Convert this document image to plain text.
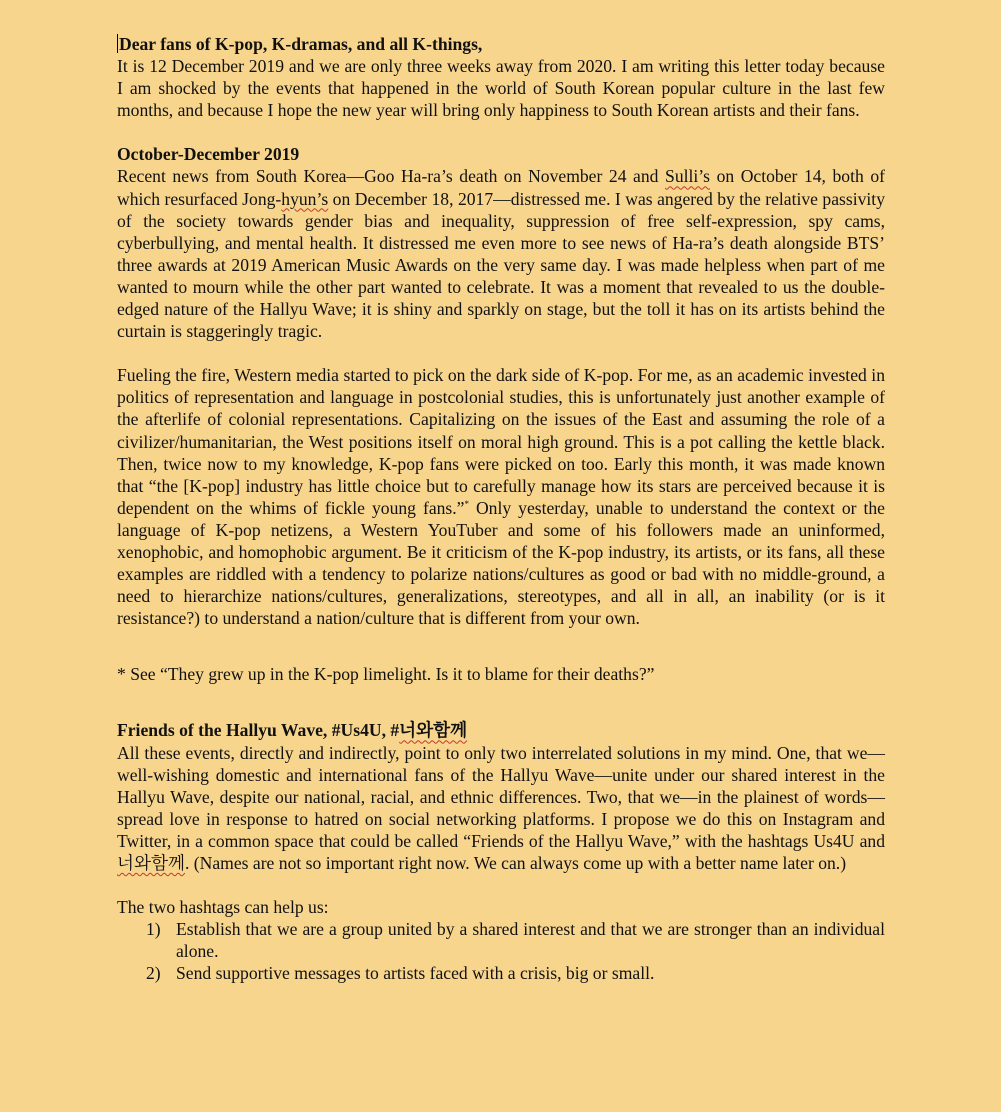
Dear fans of K-pop, K-dramas, and all K-things,

It is 12 December 2019 and we are only three weeks away from 2020. I am writing this letter today because I am shocked by the events that happened in the world of South Korean popular culture in the last few months, and because I hope the new year will bring only happiness to South Korean artists and their fans.

October-December 2019

Recent news from South Korea—Goo Ha-ra’s death on November 24 and Sulli’s on October 14, both of which resurfaced Jong-hyun’s on December 18, 2017—distressed me. I was angered by the relative passivity of the society towards gender bias and inequality, suppression of free self-expression, spy cams, cyberbullying, and mental health. It distressed me even more to see news of Ha-ra’s death alongside BTS’ three awards at 2019 American Music Awards on the very same day. I was made helpless when part of me wanted to mourn while the other part wanted to celebrate. It was a moment that revealed to us the double-edged nature of the Hallyu Wave; it is shiny and sparkly on stage, but the toll it has on its artists behind the curtain is staggeringly tragic.

Fueling the fire, Western media started to pick on the dark side of K-pop. For me, as an academic invested in politics of representation and language in postcolonial studies, this is unfortunately just another example of the afterlife of colonial representations. Capitalizing on the issues of the East and assuming the role of a civilizer/humanitarian, the West positions itself on moral high ground. This is a pot calling the kettle black. Then, twice now to my knowledge, K-pop fans were picked on too. Early this month, it was made known that “the [K-pop] industry has little choice but to carefully manage how its stars are perceived because it is dependent on the whims of fickle young fans.”* Only yesterday, unable to understand the context or the language of K-pop netizens, a Western YouTuber and some of his followers made an uninformed, xenophobic, and homophobic argument. Be it criticism of the K-pop industry, its artists, or its fans, all these examples are riddled with a tendency to polarize nations/cultures as good or bad with no middle-ground, a need to hierarchize nations/cultures, generalizations, stereotypes, and all in all, an inability (or is it resistance?) to understand a nation/culture that is different from your own.

* See “They grew up in the K-pop limelight. Is it to blame for their deaths?”

Friends of the Hallyu Wave, #Us4U, #너와함께

All these events, directly and indirectly, point to only two interrelated solutions in my mind. One, that we—well-wishing domestic and international fans of the Hallyu Wave—unite under our shared interest in the Hallyu Wave, despite our national, racial, and ethnic differences. Two, that we—in the plainest of words—spread love in response to hatred on social networking platforms. I propose we do this on Instagram and Twitter, in a common space that could be called “Friends of the Hallyu Wave,” with the hashtags Us4U and 너와함께. (Names are not so important right now. We can always come up with a better name later on.)

The two hashtags can help us:

1) Establish that we are a group united by a shared interest and that we are stronger than an individual alone.
2) Send supportive messages to artists faced with a crisis, big or small.
